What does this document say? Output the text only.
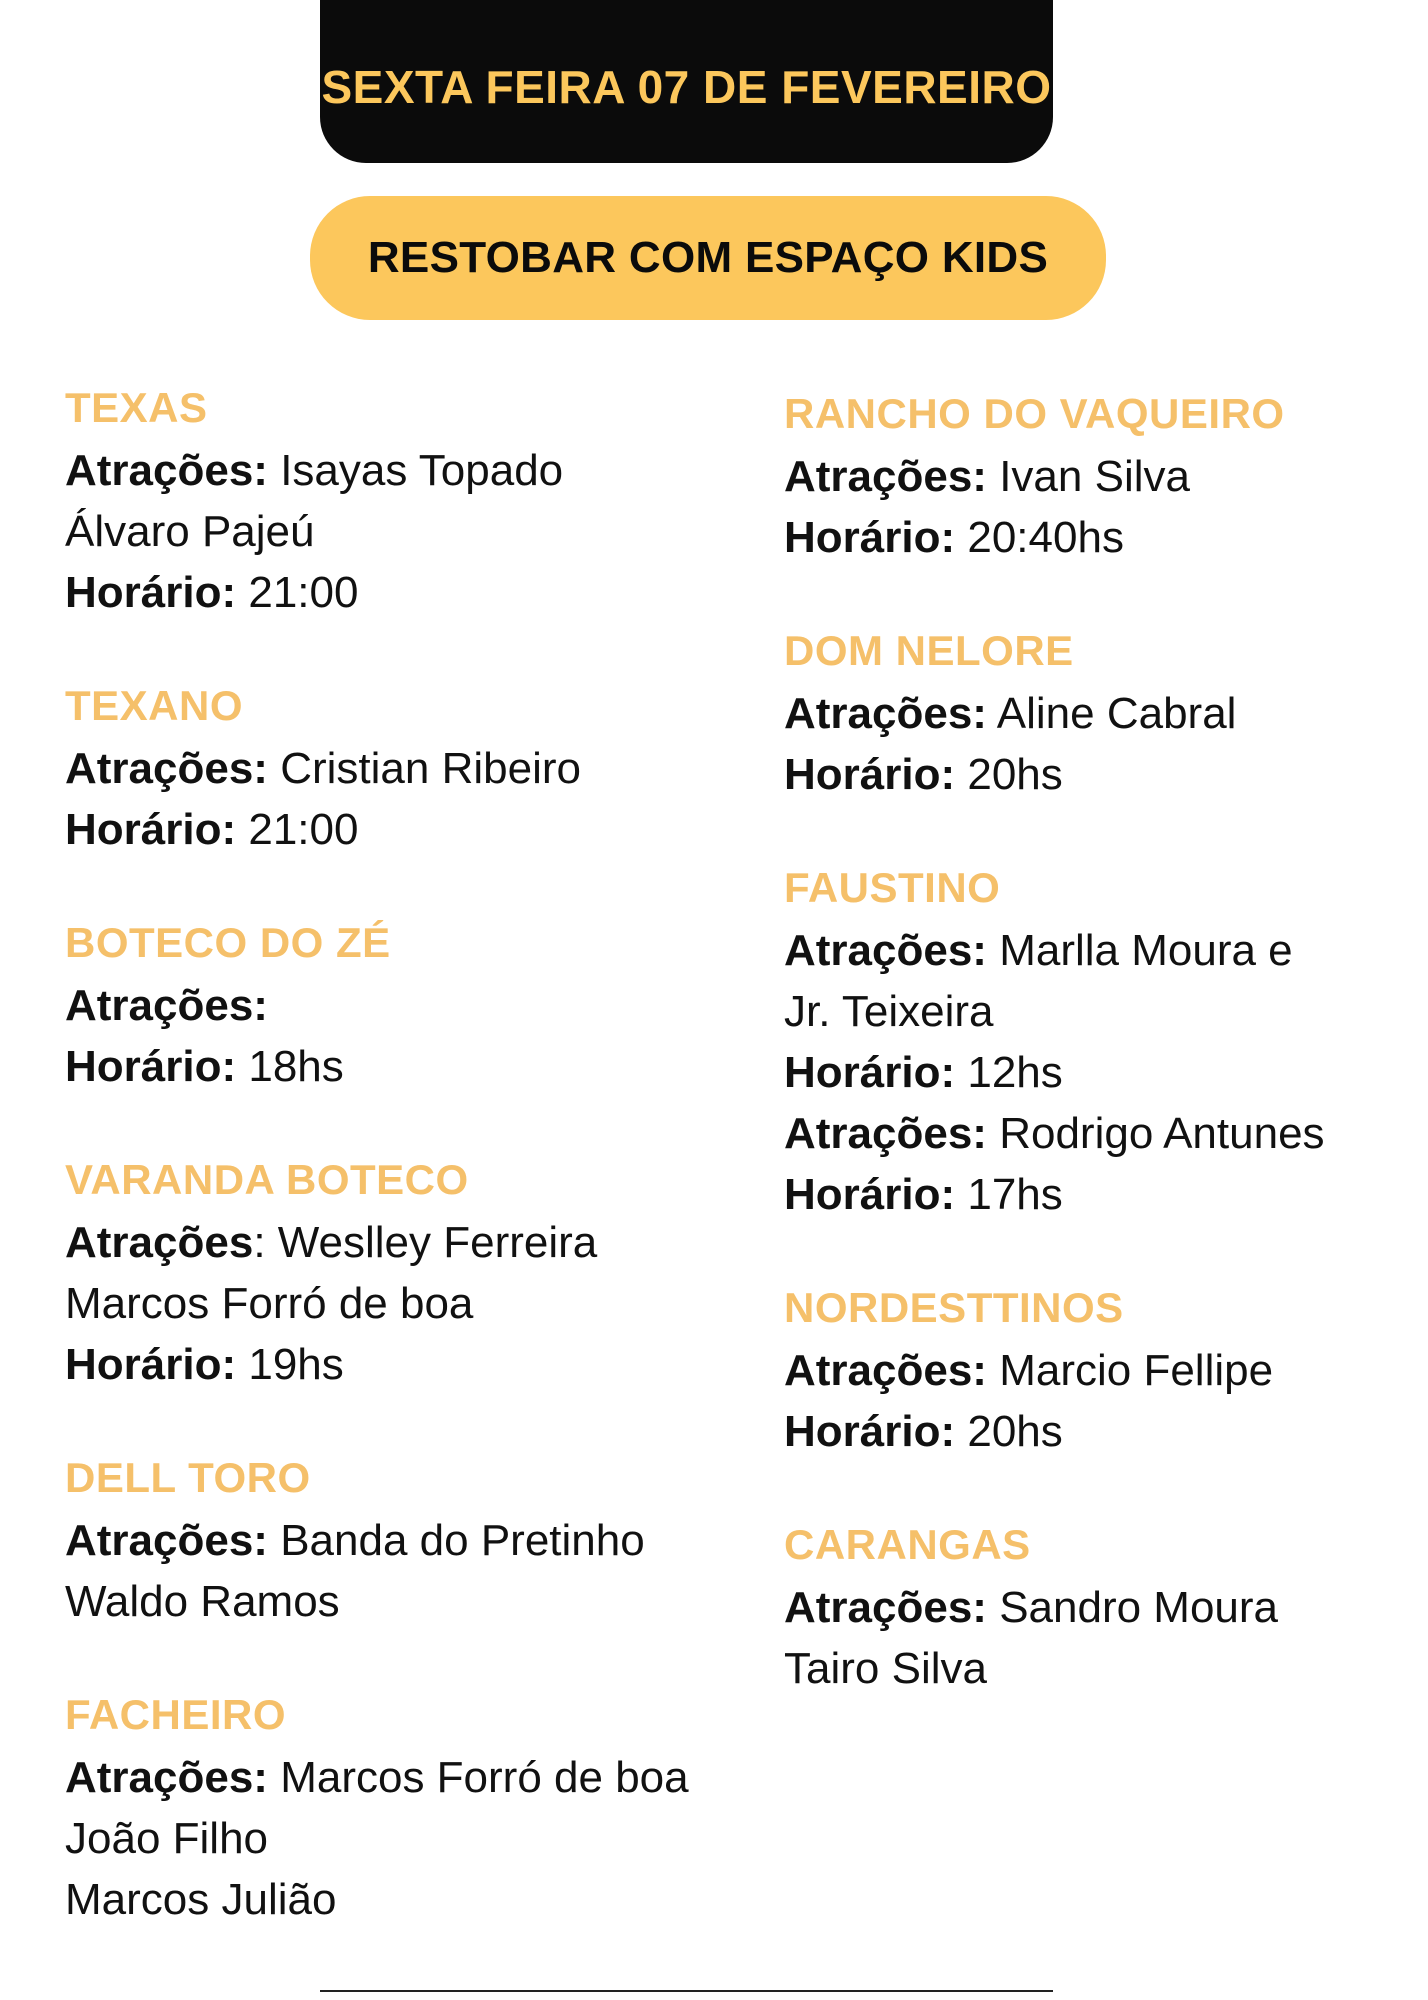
SEXTA FEIRA 07 DE FEVEREIRO
RESTOBAR COM ESPAÇO KIDS
TEXAS
Atrações: Isayas Topado
Álvaro Pajeú
Horário: 21:00
TEXANO
Atrações: Cristian Ribeiro
Horário: 21:00
BOTECO DO ZÉ
Atrações:
Horário: 18hs
VARANDA BOTECO
Atrações: Weslley Ferreira
Marcos Forró de boa
Horário: 19hs
DELL TORO
Atrações: Banda do Pretinho
Waldo Ramos
FACHEIRO
Atrações: Marcos Forró de boa
João Filho
Marcos Julião
RANCHO DO VAQUEIRO
Atrações: Ivan Silva
Horário: 20:40hs
DOM NELORE
Atrações: Aline Cabral
Horário: 20hs
FAUSTINO
Atrações: Marlla Moura e
Jr. Teixeira
Horário: 12hs
Atrações: Rodrigo Antunes
Horário: 17hs
NORDESTTINOS
Atrações: Marcio Fellipe
Horário: 20hs
CARANGAS
Atrações: Sandro Moura
Tairo Silva
